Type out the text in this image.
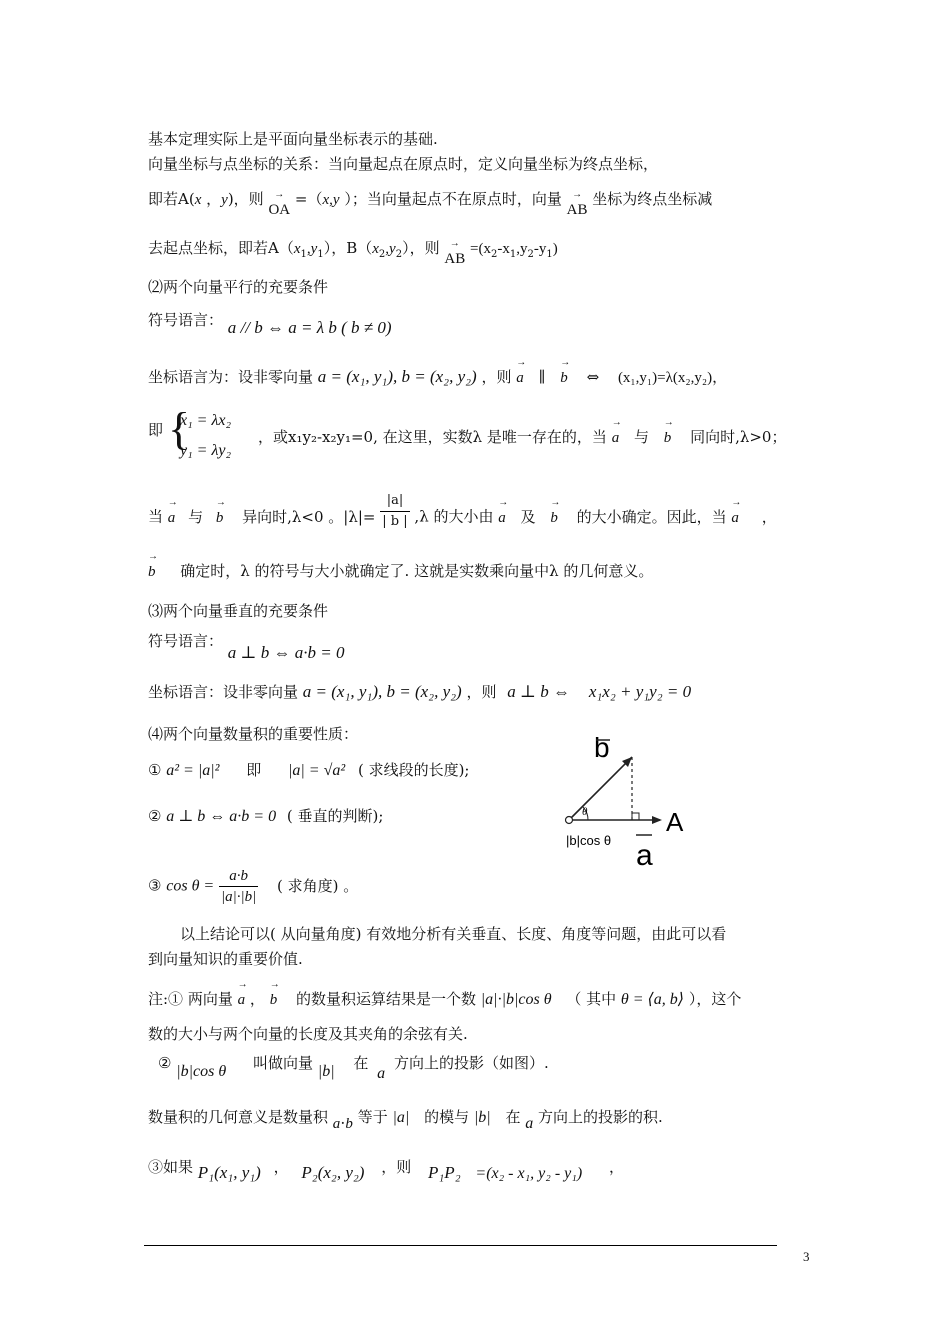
基本定理实际上是平面向量坐标表示的基础.
向量坐标与点坐标的关系：当向量起点在原点时，定义向量坐标为终点坐标，
即若A(x ，y)，则 → OA =（x,y ）；当向量起点不在原点时，向量 → AB 坐标为终点坐标减
去起点坐标，即若$A(x_1,y_1)$，$B(x_2,y_2)$，则 → AB $=(x_2-x_1,y_2-y_1)$
⑵两个向量平行的充要条件
符号语言： a // b ⇔ a = λ b ( b ≠ 0)
坐标语言为：设非零向量 a = (x₁, y₁), b = (x₂, y₂) ，则 → a ∥ → b ⇔ (x₁,y₁)=λ(x₂,y₂)，
即 {
x₁ = λx₂
y₁ = λy₂
，或x₁y₂-x₂y₁=0, 在这里，实数λ 是唯一存在的，当 → a 与 → b 同向时,λ>0；
当 → a 与 → b 异向时,λ<0 。$|\lambda|= \frac{|a|}{| b |} ,\lambda$ 的大小由 → a 及 → b 的大小确定。因此，当 → a ，
→ b 确定时，λ 的符号与大小就确定了. 这就是实数乘向量中λ 的几何意义。
⑶两个向量垂直的充要条件
符号语言： a ⊥ b ⇔ a·b = 0
坐标语言：设非零向量 a = (x₁, y₁), b = (x₂, y₂) ，则 a ⊥ b ⇔ x₁x₂ + y₁y₂ = 0
⑷两个向量数量积的重要性质：
① a² = |a|² 即 |a| = √a² ( 求线段的长度);
② a ⊥ b ⇔ a·b = 0 ( 垂直的判断);
③ $\cos \theta = \frac{a\cdot b}{|a|\cdot|b|}$ ( 求角度) 。
θ
b
A
a
|b|cos θ
以上结论可以( 从向量角度) 有效地分析有关垂直、长度、角度等问题，由此可以看
到向量知识的重要价值.
注:① 两向量 → a ， → b 的数量积运算结果是一个数 |a|·|b|cos θ （ 其中 θ = ⟨a, b⟩ ），这个
数的大小与两个向量的长度及其夹角的余弦有关.
② |b|cos θ 叫做向量 |b| 在 a 方向上的投影（如图）.
数量积的几何意义是数量积 a⋅b 等于 |a| 的模与 |b| 在 a 方向上的投影的积.
③如果 P₁(x₁, y₁) ， P₂(x₂, y₂) ，则 P₁P₂ =(x₂ - x₁, y₂ - y₁) ，
3
